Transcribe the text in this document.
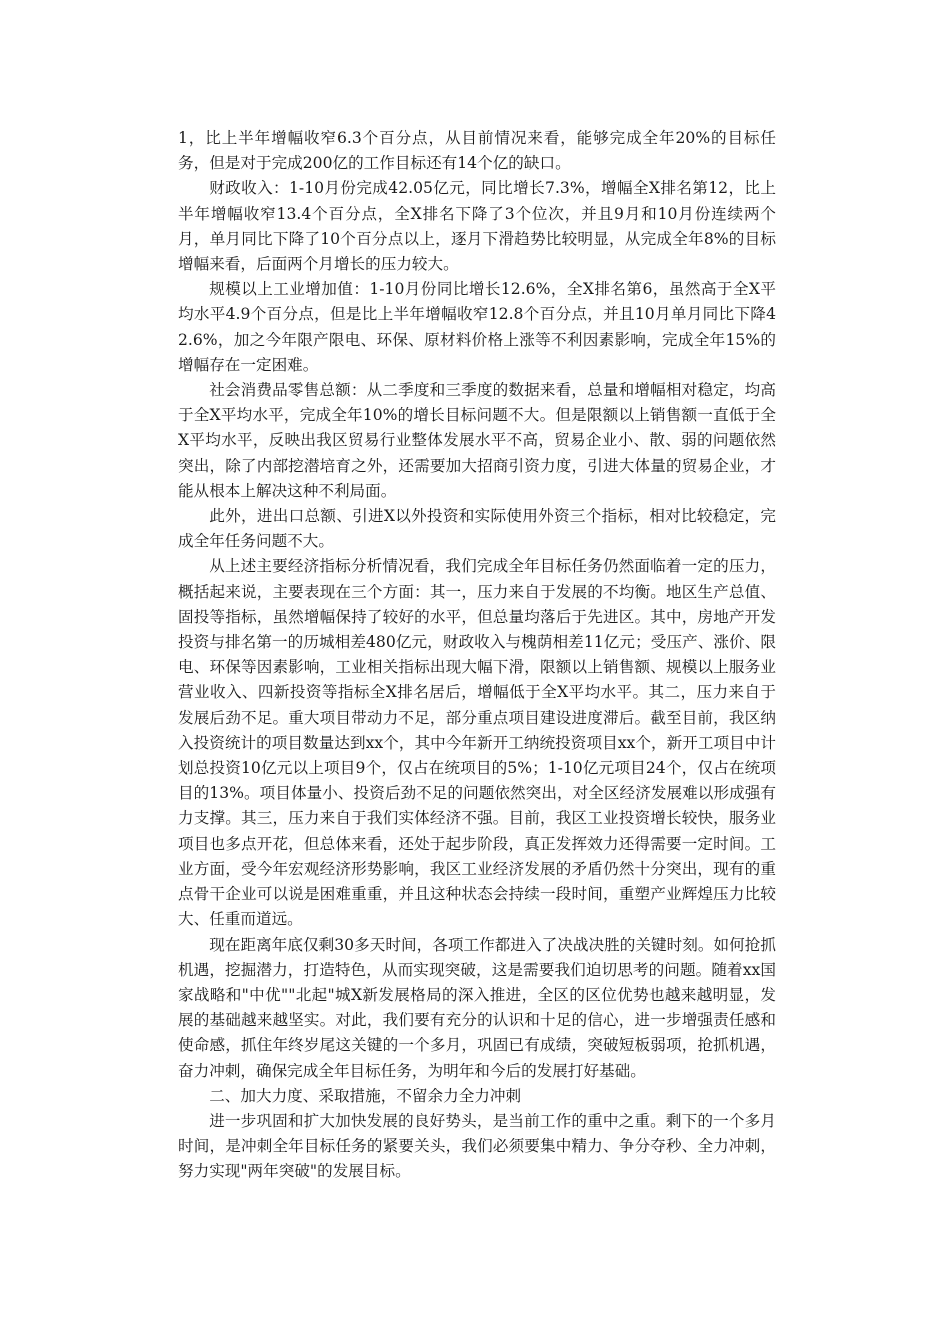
1，比上半年增幅收窄6.3个百分点，从目前情况来看，能够完成全年20%的目标任务，但是对于完成200亿的工作目标还有14个亿的缺口。

财政收入：1-10月份完成42.05亿元，同比增长7.3%，增幅全X排名第12，比上半年增幅收窄13.4个百分点，全X排名下降了3个位次，并且9月和10月份连续两个月，单月同比下降了10个百分点以上，逐月下滑趋势比较明显，从完成全年8%的目标增幅来看，后面两个月增长的压力较大。

规模以上工业增加值：1-10月份同比增长12.6%，全X排名第6，虽然高于全X平均水平4.9个百分点，但是比上半年增幅收窄12.8个百分点，并且10月单月同比下降42.6%，加之今年限产限电、环保、原材料价格上涨等不利因素影响，完成全年15%的增幅存在一定困难。

社会消费品零售总额：从二季度和三季度的数据来看，总量和增幅相对稳定，均高于全X平均水平，完成全年10%的增长目标问题不大。但是限额以上销售额一直低于全X平均水平，反映出我区贸易行业整体发展水平不高，贸易企业小、散、弱的问题依然突出，除了内部挖潜培育之外，还需要加大招商引资力度，引进大体量的贸易企业，才能从根本上解决这种不利局面。

此外，进出口总额、引进X以外投资和实际使用外资三个指标，相对比较稳定，完成全年任务问题不大。

从上述主要经济指标分析情况看，我们完成全年目标任务仍然面临着一定的压力，概括起来说，主要表现在三个方面：其一，压力来自于发展的不均衡。地区生产总值、固投等指标，虽然增幅保持了较好的水平，但总量均落后于先进区。其中，房地产开发投资与排名第一的历城相差480亿元，财政收入与槐荫相差11亿元；受压产、涨价、限电、环保等因素影响，工业相关指标出现大幅下滑，限额以上销售额、规模以上服务业营业收入、四新投资等指标全X排名居后，增幅低于全X平均水平。其二，压力来自于发展后劲不足。重大项目带动力不足，部分重点项目建设进度滞后。截至目前，我区纳入投资统计的项目数量达到xx个，其中今年新开工纳统投资项目xx个，新开工项目中计划总投资10亿元以上项目9个，仅占在统项目的5%；1-10亿元项目24个，仅占在统项目的13%。项目体量小、投资后劲不足的问题依然突出，对全区经济发展难以形成强有力支撑。其三，压力来自于我们实体经济不强。目前，我区工业投资增长较快，服务业项目也多点开花，但总体来看，还处于起步阶段，真正发挥效力还得需要一定时间。工业方面，受今年宏观经济形势影响，我区工业经济发展的矛盾仍然十分突出，现有的重点骨干企业可以说是困难重重，并且这种状态会持续一段时间，重塑产业辉煌压力比较大、任重而道远。

现在距离年底仅剩30多天时间，各项工作都进入了决战决胜的关键时刻。如何抢抓机遇，挖掘潜力，打造特色，从而实现突破，这是需要我们迫切思考的问题。随着xx国家战略和"中优""北起"城X新发展格局的深入推进，全区的区位优势也越来越明显，发展的基础越来越坚实。对此，我们要有充分的认识和十足的信心，进一步增强责任感和使命感，抓住年终岁尾这关键的一个多月，巩固已有成绩，突破短板弱项，抢抓机遇，奋力冲刺，确保完成全年目标任务，为明年和今后的发展打好基础。

二、加大力度、采取措施，不留余力全力冲刺

进一步巩固和扩大加快发展的良好势头，是当前工作的重中之重。剩下的一个多月时间，是冲刺全年目标任务的紧要关头，我们必须要集中精力、争分夺秒、全力冲刺，努力实现"两年突破"的发展目标。
